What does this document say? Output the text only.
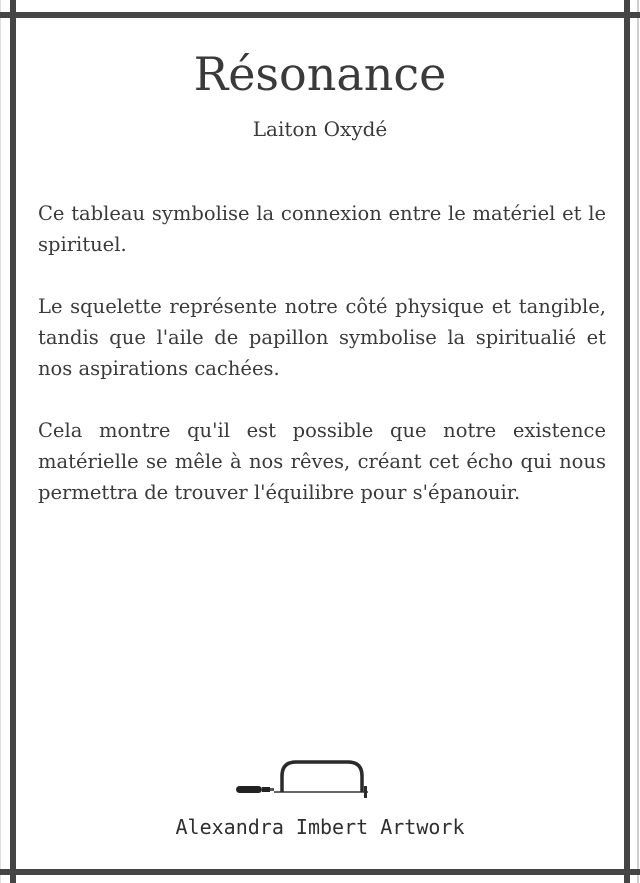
Résonance
Laiton Oxydé

Ce tableau symbolise la connexion entre le matériel et le spirituel.

Le squelette représente notre côté physique et tangible, tandis que l'aile de papillon symbolise la spiritualié et nos aspirations cachées.

Cela montre qu'il est possible que notre existence matérielle se mêle à nos rêves, créant cet écho qui nous permettra de trouver l'équilibre pour s'épanouir.

Alexandra Imbert Artwork
